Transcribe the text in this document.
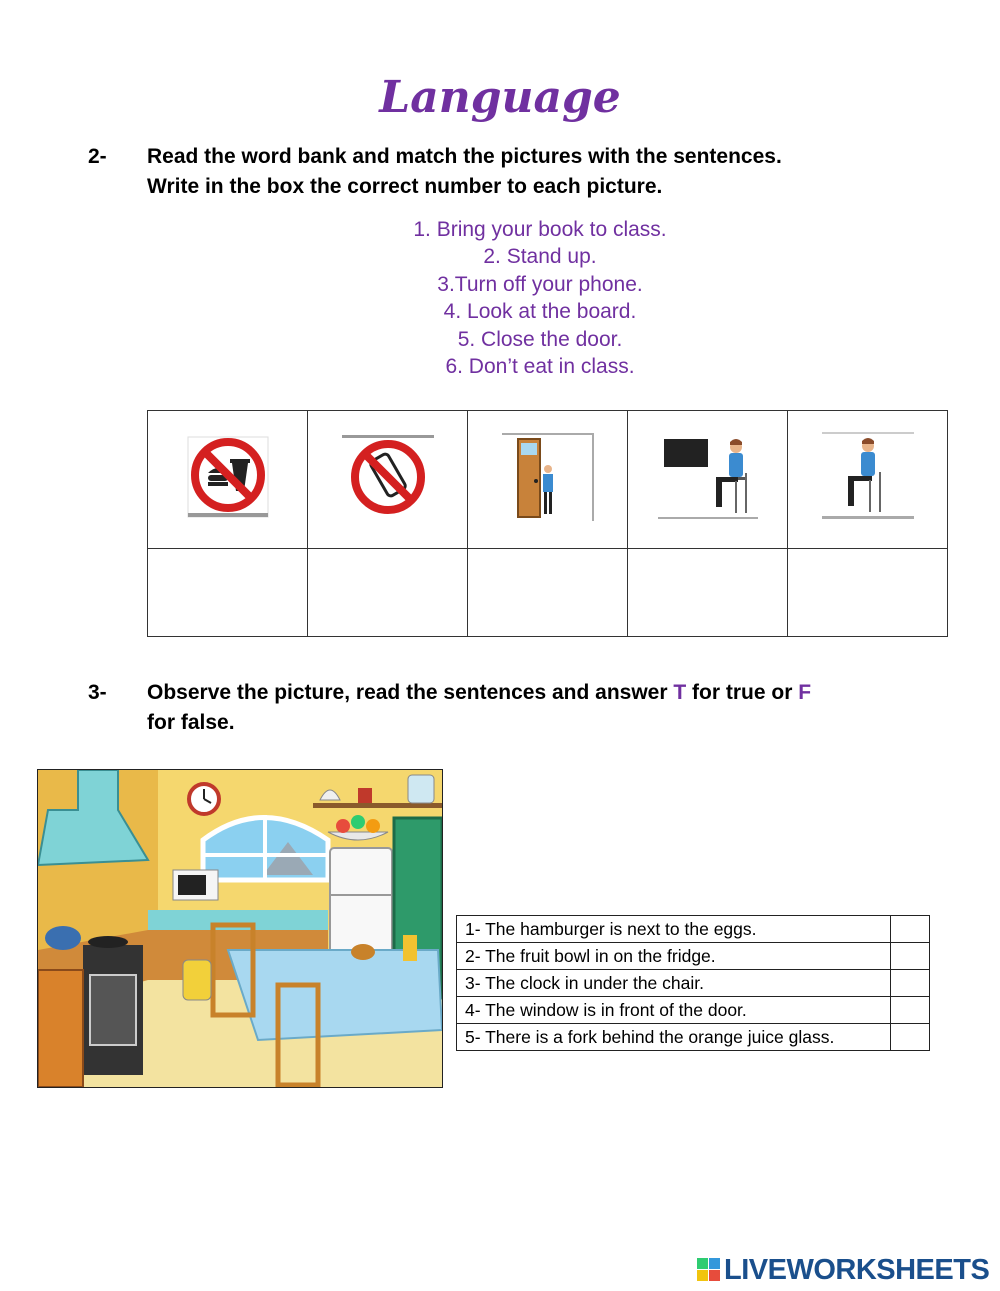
Language
2- Read the word bank and match the pictures with the sentences.
Write in the box the correct number to each picture.
1. Bring your book to class.
2. Stand up.
3.Turn off your phone.
4. Look at the board.
5. Close the door.
6. Don’t eat in class.

3- Observe the picture, read the sentences and answer T for true or F
for false.
1- The hamburger is next to the eggs.	
2- The fruit bowl in on the fridge.	
3- The clock in under the chair.	
4- The window is in front of the door.	
5- There is a fork behind the orange juice glass.	
LIVEWORKSHEETS
